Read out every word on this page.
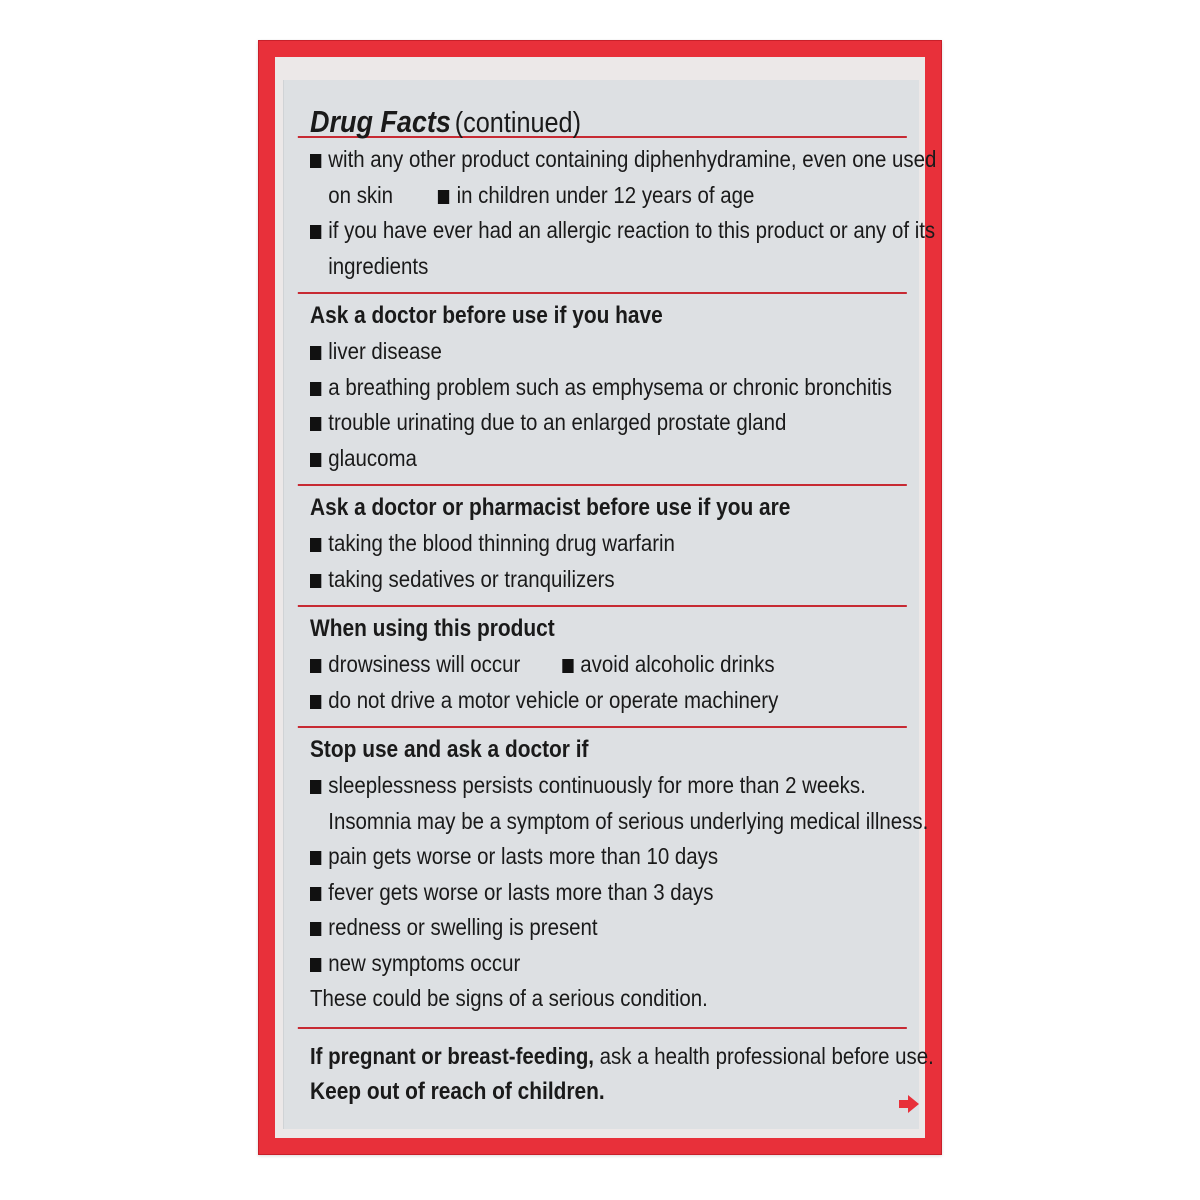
Drug Facts (continued)
with any other product containing diphenhydramine, even one used
on skin	in children under 12 years of age
if you have ever had an allergic reaction to this product or any of its
ingredients
Ask a doctor before use if you have
liver disease
a breathing problem such as emphysema or chronic bronchitis
trouble urinating due to an enlarged prostate gland
glaucoma
Ask a doctor or pharmacist before use if you are
taking the blood thinning drug warfarin
taking sedatives or tranquilizers
When using this product
drowsiness will occur	avoid alcoholic drinks
do not drive a motor vehicle or operate machinery
Stop use and ask a doctor if
sleeplessness persists continuously for more than 2 weeks.
Insomnia may be a symptom of serious underlying medical illness.
pain gets worse or lasts more than 10 days
fever gets worse or lasts more than 3 days
redness or swelling is present
new symptoms occur
These could be signs of a serious condition.
If pregnant or breast-feeding, ask a health professional before use.
Keep out of reach of children.
